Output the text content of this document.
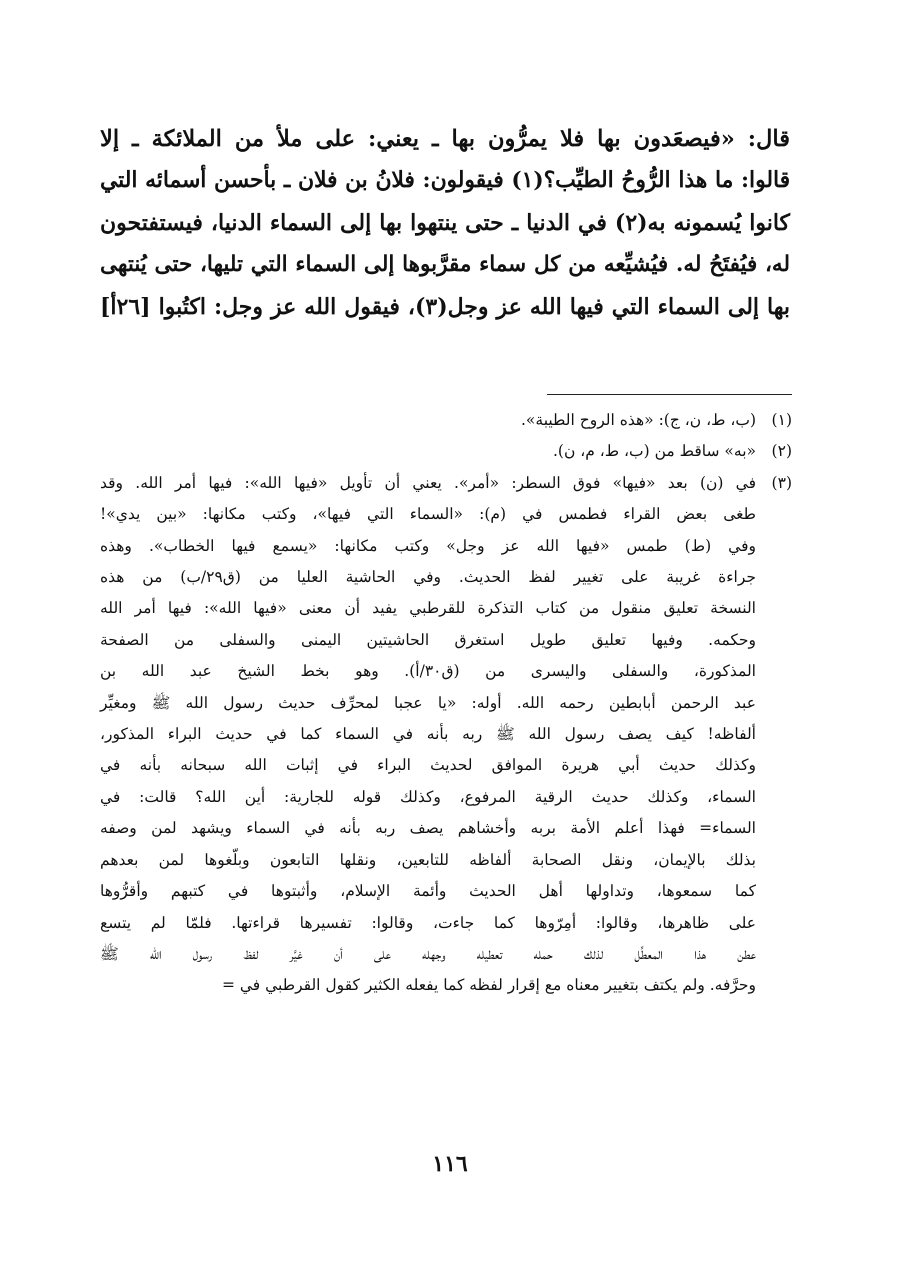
قال: «فيصعَدون بها فلا يمرُّون بها ـ يعني: على ملأ من الملائكة ـ إلا
قالوا: ما هذا الرُّوحُ الطيِّب؟(١) فيقولون: فلانُ بن فلان ـ بأحسن أسمائه التي
كانوا يُسمونه به(٢) في الدنيا ـ حتى ينتهوا بها إلى السماء الدنيا، فيستفتحون
له، فيُفتَحُ له. فيُشيِّعه من كل سماء مقرَّبوها إلى السماء التي تليها، حتى يُنتهى
بها إلى السماء التي فيها الله عز وجل(٣)، فيقول الله عز وجل: اكتُبوا [٢٦أ]
(١)
(ب، ط، ن، ج): «هذه الروح الطيبة».
(٢)
«به» ساقط من (ب، ط، م، ن).
(٣)
في (ن) بعد «فيها» فوق السطر: «أمر». يعني أن تأويل «فيها الله»: فيها أمر الله. وقد
طغى بعض القراء فطمس في (م): «السماء التي فيها»، وكتب مكانها: «بين يدي»!
وفي (ط) طمس «فيها الله عز وجل» وكتب مكانها: «يسمع فيها الخطاب». وهذه
جراءة غريبة على تغيير لفظ الحديث. وفي الحاشية العليا من (ق٢٩/ب) من هذه
النسخة تعليق منقول من كتاب التذكرة للقرطبي يفيد أن معنى «فيها الله»: فيها أمر الله
وحكمه. وفيها تعليق طويل استغرق الحاشيتين اليمنى والسفلى من الصفحة
المذكورة، والسفلى واليسرى من (ق٣٠/أ). وهو بخط الشيخ عبد الله بن
عبد الرحمن أبابطين رحمه الله. أوله: «يا عجبا لمحرِّف حديث رسول الله ﷺ ومغيِّر
ألفاظه! كيف يصف رسول الله ﷺ ربه بأنه في السماء كما في حديث البراء المذكور،
وكذلك حديث أبي هريرة الموافق لحديث البراء في إثبات الله سبحانه بأنه في
السماء، وكذلك حديث الرقية المرفوع، وكذلك قوله للجارية: أين الله؟ قالت: في
السماء= فهذا أعلم الأمة بربه وأخشاهم يصف ربه بأنه في السماء ويشهد لمن وصفه
بذلك بالإيمان، ونقل الصحابة ألفاظه للتابعين، ونقلها التابعون وبلّغوها لمن بعدهم
كما سمعوها، وتداولها أهل الحديث وأئمة الإسلام، وأثبتوها في كتبهم وأقرُّوها
على ظاهرها، وقالوا: أمِرّوها كما جاءت، وقالوا: تفسيرها قراءتها. فلمّا لم يتسع
عطن هذا المعطِّل لذلك حمله تعطيله وجهله على أن غيَّر لفظ رسول الله ﷺ
وحرَّفه. ولم يكتف بتغيير معناه مع إقرار لفظه كما يفعله الكثير كقول القرطبي في =
١١٦
